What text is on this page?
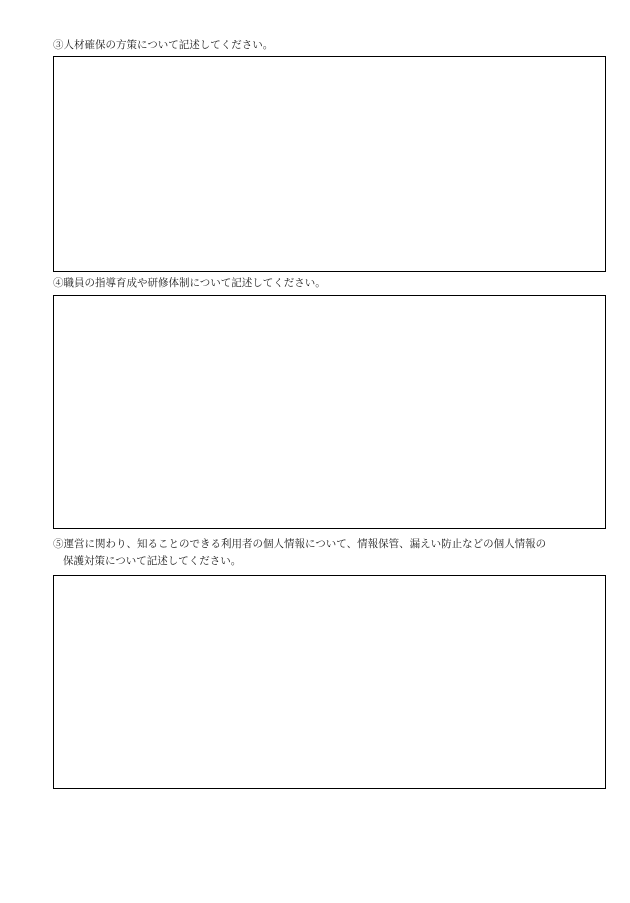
③人材確保の方策について記述してください。
④職員の指導育成や研修体制について記述してください。
⑤運営に関わり、知ることのできる利用者の個人情報について、情報保管、漏えい防止などの個人情報の
保護対策について記述してください。
